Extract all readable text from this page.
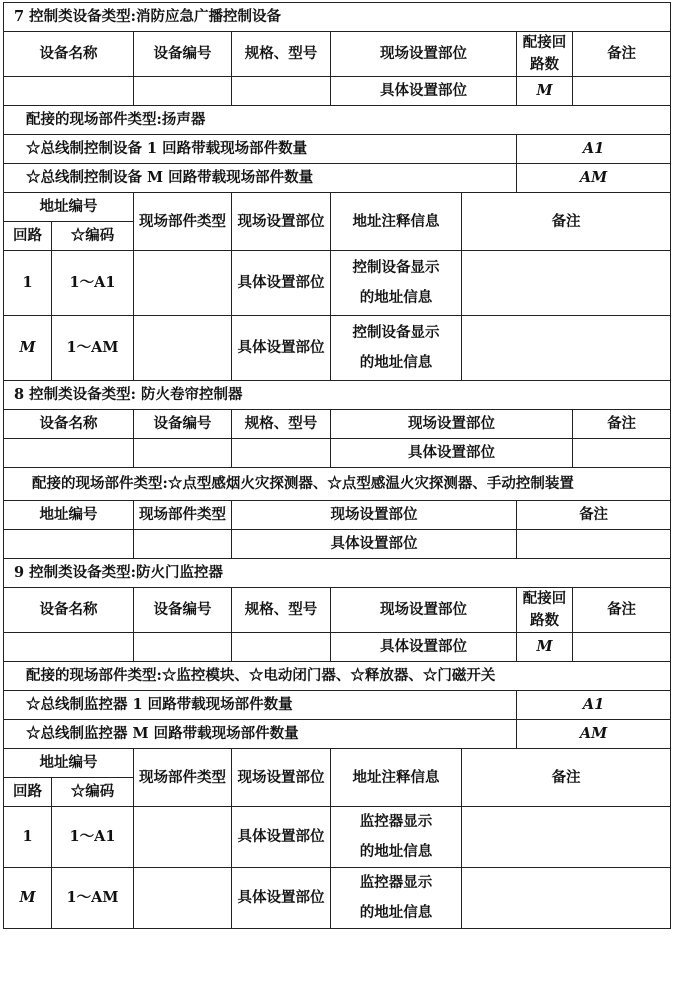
7 控制类设备类型:消防应急广播控制设备							
设备名称		设备编号	规格、型号	现场设置部位		配接回路数	备注
				具体设置部位		M	
配接的现场部件类型:扬声器							
☆总线制控制设备 1 回路带载现场部件数量						A1	
☆总线制控制设备 M 回路带载现场部件数量						AM	
地址编号		现场部件类型	现场设置部位	地址注释信息	备注		
回路	☆编码						
1	1～A1		具体设置部位	控制设备显示
的地址信息			
M	1～AM		具体设置部位	控制设备显示
的地址信息			
8 控制类设备类型: 防火卷帘控制器							
设备名称		设备编号	规格、型号	现场设置部位			备注
				具体设置部位			
配接的现场部件类型:☆点型感烟火灾探测器、☆点型感温火灾探测器、手动控制装置							
地址编号		现场部件类型	现场设置部位			备注	
			具体设置部位				
9 控制类设备类型:防火门监控器							
设备名称		设备编号	规格、型号	现场设置部位		配接回路数	备注
				具体设置部位		M	
配接的现场部件类型:☆监控模块、☆电动闭门器、☆释放器、☆门磁开关							
☆总线制监控器 1 回路带载现场部件数量						A1	
☆总线制监控器 M 回路带载现场部件数量						AM	
地址编号		现场部件类型	现场设置部位	地址注释信息	备注		
回路	☆编码						
1	1～A1		具体设置部位	监控器显示
的地址信息			
M	1～AM		具体设置部位	监控器显示
的地址信息			
